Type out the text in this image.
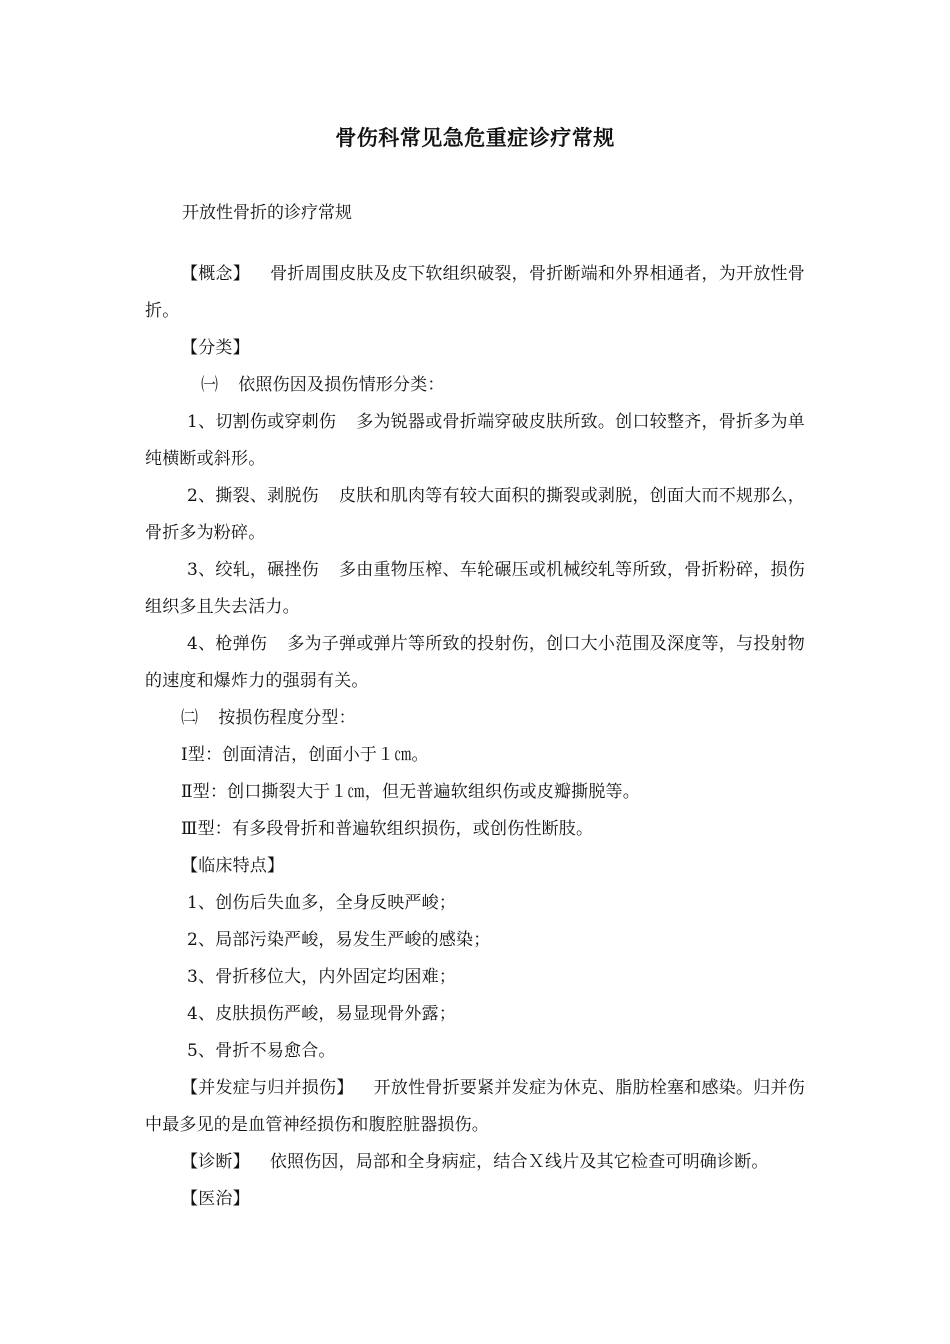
骨伤科常见急危重症诊疗常规

开放性骨折的诊疗常规

【概念】 骨折周围皮肤及皮下软组织破裂，骨折断端和外界相通者，为开放性骨折。

【分类】

㈠ 依照伤因及损伤情形分类：

1、切割伤或穿刺伤 多为锐器或骨折端穿破皮肤所致。创口较整齐，骨折多为单纯横断或斜形。

2、撕裂、剥脱伤 皮肤和肌肉等有较大面积的撕裂或剥脱，创面大而不规那么，骨折多为粉碎。

3、绞轧，碾挫伤 多由重物压榨、车轮碾压或机械绞轧等所致，骨折粉碎，损伤组织多且失去活力。

4、枪弹伤 多为子弹或弹片等所致的投射伤，创口大小范围及深度等，与投射物的速度和爆炸力的强弱有关。

㈡ 按损伤程度分型：

Ⅰ型：创面清洁，创面小于１㎝。

Ⅱ型：创口撕裂大于１㎝，但无普遍软组织伤或皮瓣撕脱等。

Ⅲ型：有多段骨折和普遍软组织损伤，或创伤性断肢。

【临床特点】

1、创伤后失血多，全身反映严峻；

2、局部污染严峻，易发生严峻的感染；

3、骨折移位大，内外固定均困难；

4、皮肤损伤严峻，易显现骨外露；

5、骨折不易愈合。

【并发症与归并损伤】 开放性骨折要紧并发症为休克、脂肪栓塞和感染。归并伤中最多见的是血管神经损伤和腹腔脏器损伤。

【诊断】 依照伤因，局部和全身病症，结合Ｘ线片及其它检查可明确诊断。

【医治】
